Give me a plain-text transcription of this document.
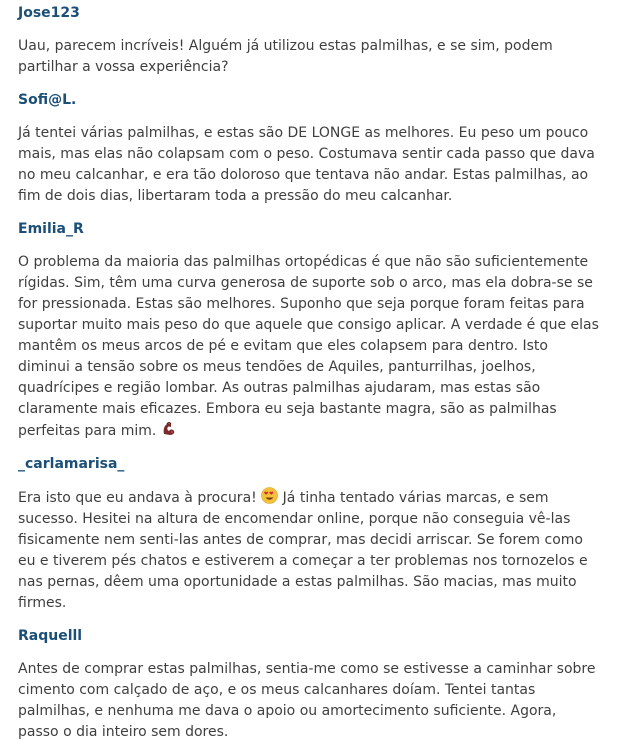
Jose123

Uau, parecem incríveis! Alguém já utilizou estas palmilhas, e se sim, podem partilhar a vossa experiência?

Sofi@L.

Já tentei várias palmilhas, e estas são DE LONGE as melhores. Eu peso um pouco mais, mas elas não colapsam com o peso. Costumava sentir cada passo que dava no meu calcanhar, e era tão doloroso que tentava não andar. Estas palmilhas, ao fim de dois dias, libertaram toda a pressão do meu calcanhar.

Emilia_R

O problema da maioria das palmilhas ortopédicas é que não são suficientemente rígidas. Sim, têm uma curva generosa de suporte sob o arco, mas ela dobra-se se for pressionada. Estas são melhores. Suponho que seja porque foram feitas para suportar muito mais peso do que aquele que consigo aplicar. A verdade é que elas mantêm os meus arcos de pé e evitam que eles colapsem para dentro. Isto diminui a tensão sobre os meus tendões de Aquiles, panturrilhas, joelhos, quadrícipes e região lombar. As outras palmilhas ajudaram, mas estas são claramente mais eficazes. Embora eu seja bastante magra, são as palmilhas perfeitas para mim.

_carlamarisa_

Era isto que eu andava à procura! Já tinha tentado várias marcas, e sem sucesso. Hesitei na altura de encomendar online, porque não conseguia vê-las fisicamente nem senti-las antes de comprar, mas decidi arriscar. Se forem como eu e tiverem pés chatos e estiverem a começar a ter problemas nos tornozelos e nas pernas, dêem uma oportunidade a estas palmilhas. São macias, mas muito firmes.

Raquelll

Antes de comprar estas palmilhas, sentia-me como se estivesse a caminhar sobre cimento com calçado de aço, e os meus calcanhares doíam. Tentei tantas palmilhas, e nenhuma me dava o apoio ou amortecimento suficiente. Agora, passo o dia inteiro sem dores.
